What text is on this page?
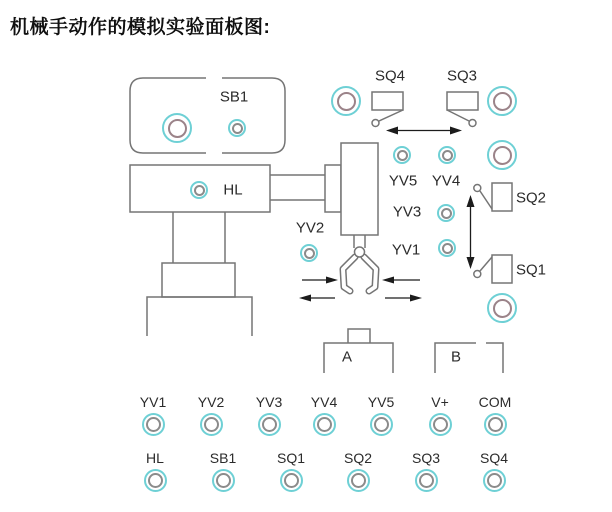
机械手动作的模拟实验面板图:
SB1
HL
SQ4	SQ3
YV5 YV4
YV3
YV1
YV2
SQ2
SQ1
A	B
YV1 YV2 YV3 YV4 YV5	V+ COM
HL	SB1	SQ1	SQ2	SQ3	SQ4
